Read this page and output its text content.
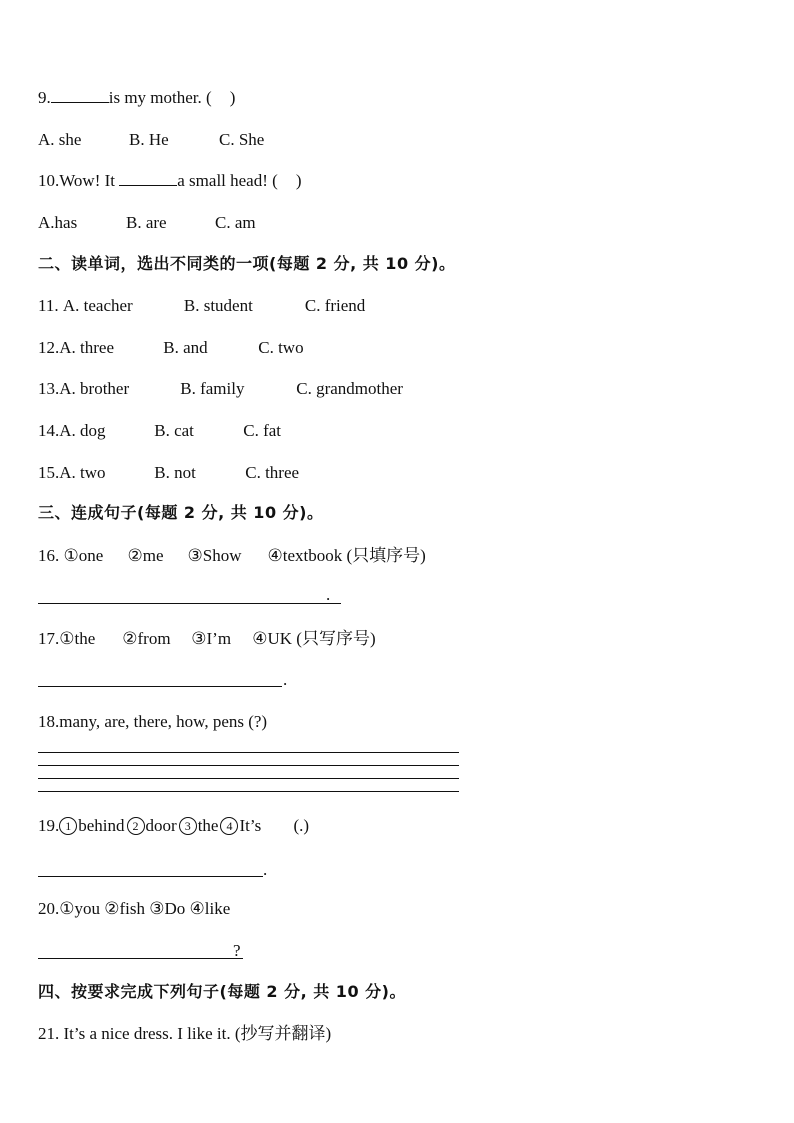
9.	is my mother. ( )
A. she	B. He	C. She
10.Wow! It	a small head! ( )
A.has	B. are	C. am
二、读单词，选出不同类的一项(每题 2 分, 共 10 分)。
11. A. teacher	B. student	C. friend
12.A. three	B. and	C. two
13.A. brother	B. family	C. grandmother
14.A. dog	B. cat	C. fat
15.A. two	B. not	C. three
三、连成句子(每题 2 分, 共 10 分)。
16. ①one ②me ③Show ④textbook (只填序号)
.
17.①the ②from ③I’m ④UK (只写序号)
.
18.many, are, there, how, pens (?)
19. 1 behind 2 door 3 the 4 It’s (.)
.
20.①you ②fish ③Do ④like
?
四、按要求完成下列句子(每题 2 分, 共 10 分)。
21. It’s a nice dress. I like it. (抄写并翻译)
